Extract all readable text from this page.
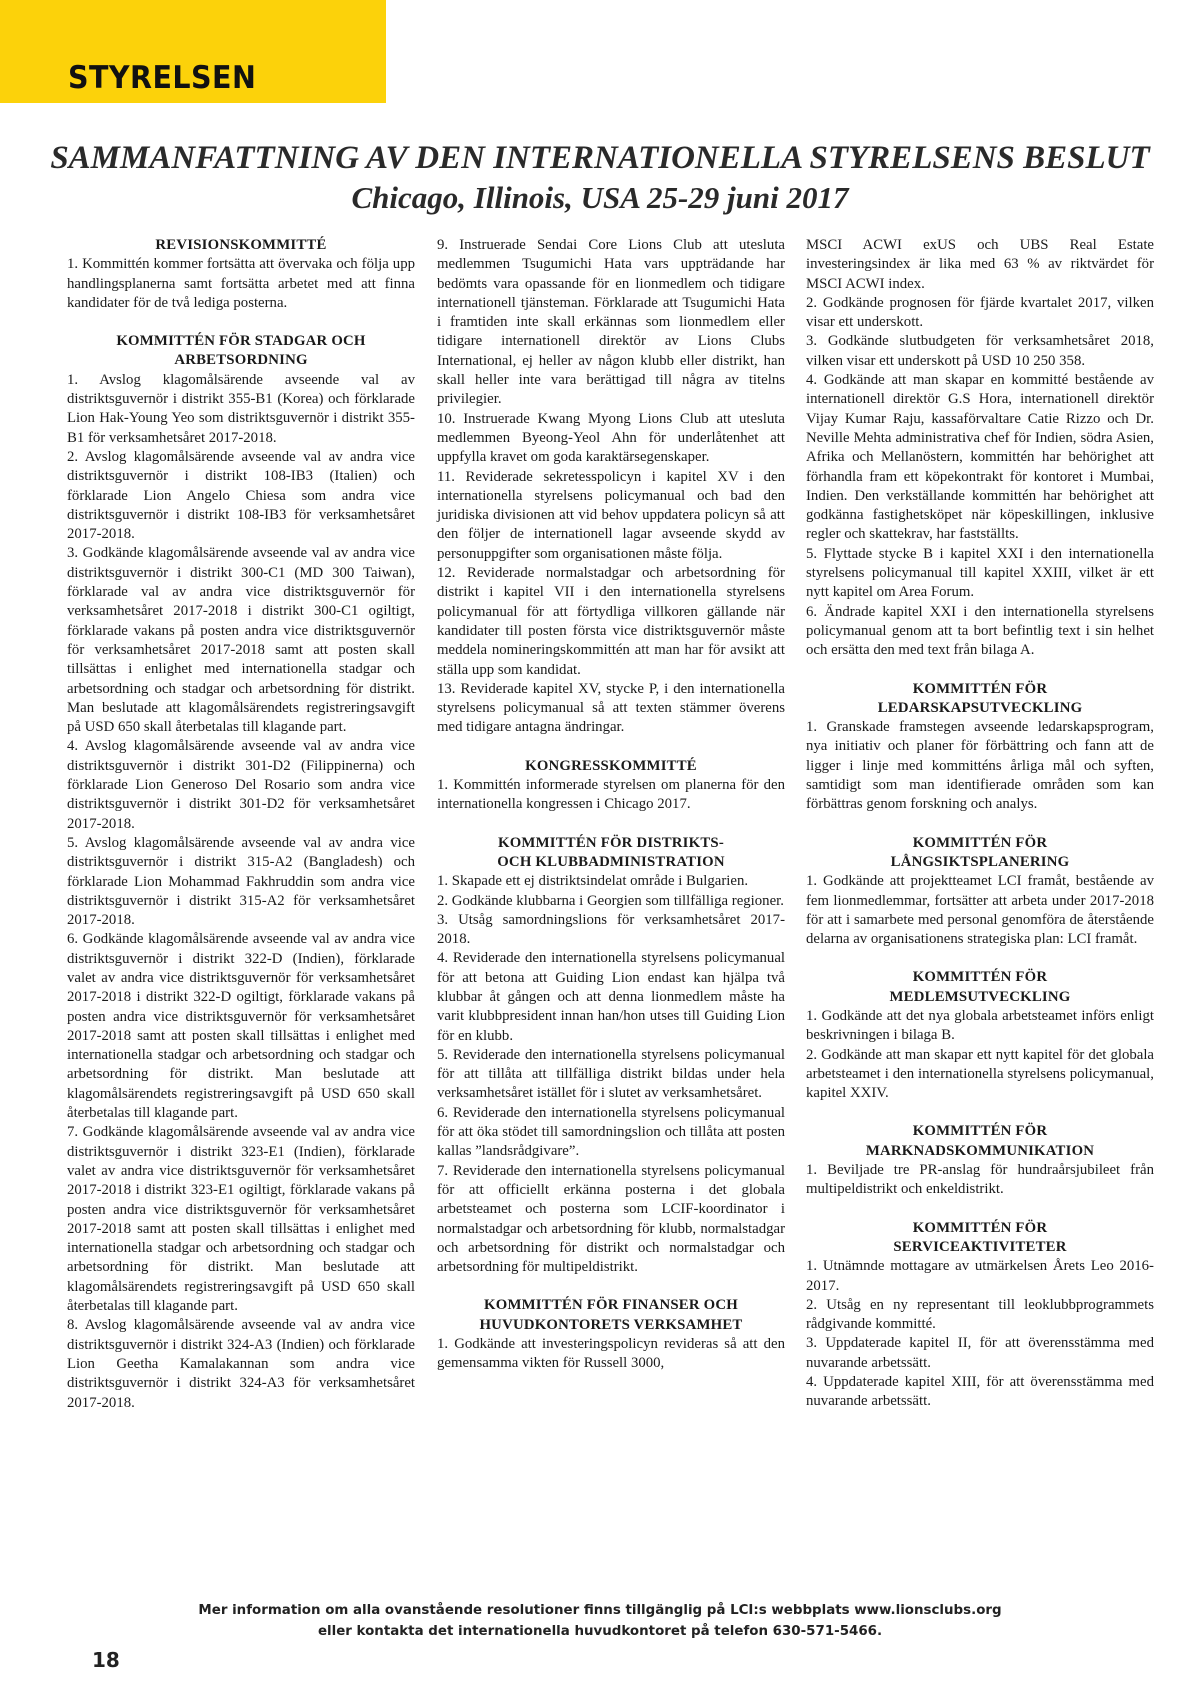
STYRELSEN
SAMMANFATTNING AV DEN INTERNATIONELLA STYRELSENS BESLUT
Chicago, Illinois, USA 25-29 juni 2017
REVISIONSKOMMITTÉ

1. Kommittén kommer fortsätta att övervaka och följa upp handlingsplanerna samt fortsätta arbetet med att finna kandidater för de två lediga posterna.

KOMMITTÉN FÖR STADGAR OCH
ARBETSORDNING

1. Avslog klagomålsärende avseende val av distriktsguvernör i distrikt 355-B1 (Korea) och förklarade Lion Hak-Young Yeo som distriktsguvernör i distrikt 355-B1 för verksamhetsåret 2017-2018.

2. Avslog klagomålsärende avseende val av andra vice distriktsguvernör i distrikt 108-IB3 (Italien) och förklarade Lion Angelo Chiesa som andra vice distriktsguvernör i distrikt 108-IB3 för verksamhetsåret 2017-2018.

3. Godkände klagomålsärende avseende val av andra vice distriktsguvernör i distrikt 300-C1 (MD 300 Taiwan), förklarade val av andra vice distriktsguvernör för verksamhetsåret 2017-2018 i distrikt 300-C1 ogiltigt, förklarade vakans på posten andra vice distriktsguvernör för verksamhetsåret 2017-2018 samt att posten skall tillsättas i enlighet med internationella stadgar och arbetsordning och stadgar och arbetsordning för distrikt. Man beslutade att klagomålsärendets registreringsavgift på USD 650 skall återbetalas till klagande part.

4. Avslog klagomålsärende avseende val av andra vice distriktsguvernör i distrikt 301-D2 (Filippinerna) och förklarade Lion Generoso Del Rosario som andra vice distriktsguvernör i distrikt 301-D2 för verksamhetsåret 2017-2018.

5. Avslog klagomålsärende avseende val av andra vice distriktsguvernör i distrikt 315-A2 (Bangladesh) och förklarade Lion Mohammad Fakhruddin som andra vice distriktsguvernör i distrikt 315-A2 för verksamhetsåret 2017-2018.

6. Godkände klagomålsärende avseende val av andra vice distriktsguvernör i distrikt 322-D (Indien), förklarade valet av andra vice distriktsguvernör för verksamhetsåret 2017-2018 i distrikt 322-D ogiltigt, förklarade vakans på posten andra vice distriktsguvernör för verksamhetsåret 2017-2018 samt att posten skall tillsättas i enlighet med internationella stadgar och arbetsordning och stadgar och arbetsordning för distrikt. Man beslutade att klagomålsärendets registreringsavgift på USD 650 skall återbetalas till klagande part.

7. Godkände klagomålsärende avseende val av andra vice distriktsguvernör i distrikt 323-E1 (Indien), förklarade valet av andra vice distriktsguvernör för verksamhetsåret 2017-2018 i distrikt 323-E1 ogiltigt, förklarade vakans på posten andra vice distriktsguvernör för verksamhetsåret 2017-2018 samt att posten skall tillsättas i enlighet med internationella stadgar och arbetsordning och stadgar och arbetsordning för distrikt. Man beslutade att klagomålsärendets registreringsavgift på USD 650 skall återbetalas till klagande part.

8. Avslog klagomålsärende avseende val av andra vice distriktsguvernör i distrikt 324-A3 (Indien) och förklarade Lion Geetha Kamalakannan som andra vice distriktsguvernör i distrikt 324-A3 för verksamhetsåret 2017-2018.

9. Instruerade Sendai Core Lions Club att utesluta medlemmen Tsugumichi Hata vars uppträdande har bedömts vara opassande för en lionmedlem och tidigare internationell tjänsteman. Förklarade att Tsugumichi Hata i framtiden inte skall erkännas som lionmedlem eller tidigare internationell direktör av Lions Clubs International, ej heller av någon klubb eller distrikt, han skall heller inte vara berättigad till några av titelns privilegier.

10. Instruerade Kwang Myong Lions Club att utesluta medlemmen Byeong-Yeol Ahn för underlåtenhet att uppfylla kravet om goda karaktärsegenskaper.

11. Reviderade sekretesspolicyn i kapitel XV i den internationella styrelsens policymanual och bad den juridiska divisionen att vid behov uppdatera policyn så att den följer de internationell lagar avseende skydd av personuppgifter som organisationen måste följa.

12. Reviderade normalstadgar och arbetsordning för distrikt i kapitel VII i den internationella styrelsens policymanual för att förtydliga villkoren gällande när kandidater till posten första vice distriktsguvernör måste meddela nomineringskommittén att man har för avsikt att ställa upp som kandidat.

13. Reviderade kapitel XV, stycke P, i den internationella styrelsens policymanual så att texten stämmer överens med tidigare antagna ändringar.

KONGRESSKOMMITTÉ

1. Kommittén informerade styrelsen om planerna för den internationella kongressen i Chicago 2017.

KOMMITTÉN FÖR DISTRIKTS-
OCH KLUBBADMINISTRATION

1. Skapade ett ej distriktsindelat område i Bulgarien.

2. Godkände klubbarna i Georgien som tillfälliga regioner.

3. Utsåg samordningslions för verksamhetsåret 2017-2018.

4. Reviderade den internationella styrelsens policymanual för att betona att Guiding Lion endast kan hjälpa två klubbar åt gången och att denna lionmedlem måste ha varit klubbpresident innan han/hon utses till Guiding Lion för en klubb.

5. Reviderade den internationella styrelsens policymanual för att tillåta att tillfälliga distrikt bildas under hela verksamhetsåret istället för i slutet av verksamhetsåret.

6. Reviderade den internationella styrelsens policymanual för att öka stödet till samordningslion och tillåta att posten kallas ”landsrådgivare”.

7. Reviderade den internationella styrelsens policymanual för att officiellt erkänna posterna i det globala arbetsteamet och posterna som LCIF-koordinator i normalstadgar och arbetsordning för klubb, normalstadgar och arbetsordning för distrikt och normalstadgar och arbetsordning för multipeldistrikt.

KOMMITTÉN FÖR FINANSER OCH
HUVUDKONTORETS VERKSAMHET

1. Godkände att investeringspolicyn revideras så att den gemensamma vikten för Russell 3000,

MSCI ACWI exUS och UBS Real Estate investeringsindex är lika med 63 % av riktvärdet för MSCI ACWI index.

2. Godkände prognosen för fjärde kvartalet 2017, vilken visar ett underskott.

3. Godkände slutbudgeten för verksamhetsåret 2018, vilken visar ett underskott på USD 10 250 358.

4. Godkände att man skapar en kommitté bestående av internationell direktör G.S Hora, internationell direktör Vijay Kumar Raju, kassaförvaltare Catie Rizzo och Dr. Neville Mehta administrativa chef för Indien, södra Asien, Afrika och Mellanöstern, kommittén har behörighet att förhandla fram ett köpekontrakt för kontoret i Mumbai, Indien. Den verkställande kommittén har behörighet att godkänna fastighetsköpet när köpeskillingen, inklusive regler och skattekrav, har fastställts.

5. Flyttade stycke B i kapitel XXI i den internationella styrelsens policymanual till kapitel XXIII, vilket är ett nytt kapitel om Area Forum.

6. Ändrade kapitel XXI i den internationella styrelsens policymanual genom att ta bort befintlig text i sin helhet och ersätta den med text från bilaga A.

KOMMITTÉN FÖR
LEDARSKAPSUTVECKLING

1. Granskade framstegen avseende ledarskapsprogram, nya initiativ och planer för förbättring och fann att de ligger i linje med kommitténs årliga mål och syften, samtidigt som man identifierade områden som kan förbättras genom forskning och analys.

KOMMITTÉN FÖR
LÅNGSIKTSPLANERING

1. Godkände att projektteamet LCI framåt, bestående av fem lionmedlemmar, fortsätter att arbeta under 2017-2018 för att i samarbete med personal genomföra de återstående delarna av organisationens strategiska plan: LCI framåt.

KOMMITTÉN FÖR
MEDLEMSUTVECKLING

1. Godkände att det nya globala arbetsteamet införs enligt beskrivningen i bilaga B.

2. Godkände att man skapar ett nytt kapitel för det globala arbetsteamet i den internationella styrelsens policymanual, kapitel XXIV.

KOMMITTÉN FÖR
MARKNADSKOMMUNIKATION

1. Beviljade tre PR-anslag för hundraårsjubileet från multipeldistrikt och enkeldistrikt.

KOMMITTÉN FÖR
SERVICEAKTIVITETER

1. Utnämnde mottagare av utmärkelsen Årets Leo 2016-2017.

2. Utsåg en ny representant till leoklubbprogrammets rådgivande kommitté.

3. Uppdaterade kapitel II, för att överensstämma med nuvarande arbetssätt.

4. Uppdaterade kapitel XIII, för att överensstämma med nuvarande arbetssätt.

Mer information om alla ovanstående resolutioner finns tillgänglig på LCI:s webbplats www.lionsclubs.org
eller kontakta det internationella huvudkontoret på telefon 630-571-5466.
18
